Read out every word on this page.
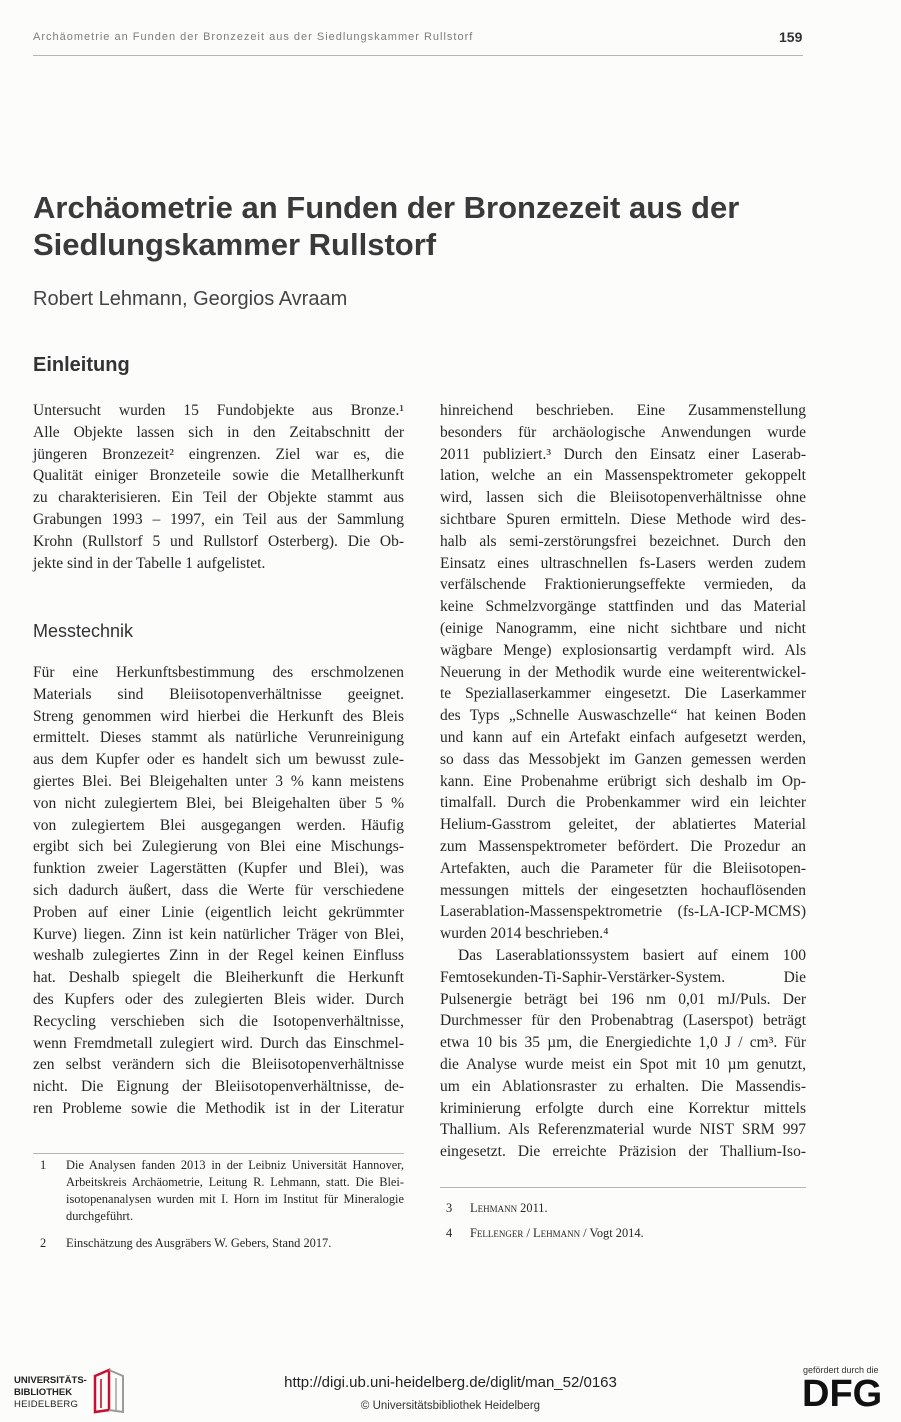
Archäometrie an Funden der Bronzezeit aus der Siedlungskammer Rullstorf	159
Archäometrie an Funden der Bronzezeit aus der
Siedlungskammer Rullstorf
Robert Lehmann, Georgios Avraam
Einleitung
Messtechnik
Untersucht wurden 15 Fundobjekte aus Bronze.¹
Alle Objekte lassen sich in den Zeitabschnitt der
jüngeren Bronzezeit² eingrenzen. Ziel war es, die
Qualität einiger Bronzeteile sowie die Metallherkunft
zu charakterisieren. Ein Teil der Objekte stammt aus
Grabungen 1993 – 1997, ein Teil aus der Sammlung
Krohn (Rullstorf 5 und Rullstorf Osterberg). Die Ob-
jekte sind in der Tabelle 1 aufgelistet.
Für eine Herkunftsbestimmung des erschmolzenen
Materials sind Bleiisotopenverhältnisse geeignet.
Streng genommen wird hierbei die Herkunft des Bleis
ermittelt. Dieses stammt als natürliche Verunreinigung
aus dem Kupfer oder es handelt sich um bewusst zule-
giertes Blei. Bei Bleigehalten unter 3 % kann meistens
von nicht zulegiertem Blei, bei Bleigehalten über 5 %
von zulegiertem Blei ausgegangen werden. Häufig
ergibt sich bei Zulegierung von Blei eine Mischungs-
funktion zweier Lagerstätten (Kupfer und Blei), was
sich dadurch äußert, dass die Werte für verschiedene
Proben auf einer Linie (eigentlich leicht gekrümmter
Kurve) liegen. Zinn ist kein natürlicher Träger von Blei,
weshalb zulegiertes Zinn in der Regel keinen Einfluss
hat. Deshalb spiegelt die Bleiherkunft die Herkunft
des Kupfers oder des zulegierten Bleis wider. Durch
Recycling verschieben sich die Isotopenverhältnisse,
wenn Fremdmetall zulegiert wird. Durch das Einschmel-
zen selbst verändern sich die Bleiisotopenverhältnisse
nicht. Die Eignung der Bleiisotopenverhältnisse, de-
ren Probleme sowie die Methodik ist in der Literatur
hinreichend beschrieben. Eine Zusammenstellung
besonders für archäologische Anwendungen wurde
2011 publiziert.³ Durch den Einsatz einer Laserab-
lation, welche an ein Massenspektrometer gekoppelt
wird, lassen sich die Bleiisotopenverhältnisse ohne
sichtbare Spuren ermitteln. Diese Methode wird des-
halb als semi-zerstörungsfrei bezeichnet. Durch den
Einsatz eines ultraschnellen fs-Lasers werden zudem
verfälschende Fraktionierungseffekte vermieden, da
keine Schmelzvorgänge stattfinden und das Material
(einige Nanogramm, eine nicht sichtbare und nicht
wägbare Menge) explosionsartig verdampft wird. Als
Neuerung in der Methodik wurde eine weiterentwickel-
te Speziallaserkammer eingesetzt. Die Laserkammer
des Typs „Schnelle Auswaschzelle“ hat keinen Boden
und kann auf ein Artefakt einfach aufgesetzt werden,
so dass das Messobjekt im Ganzen gemessen werden
kann. Eine Probenahme erübrigt sich deshalb im Op-
timalfall. Durch die Probenkammer wird ein leichter
Helium-Gasstrom geleitet, der ablatiertes Material
zum Massenspektrometer befördert. Die Prozedur an
Artefakten, auch die Parameter für die Bleiisotopen-
messungen mittels der eingesetzten hochauflösenden
Laserablation-Massenspektrometrie (fs-LA-ICP-MCMS)
wurden 2014 beschrieben.⁴
Das Laserablationssystem basiert auf einem 100
Femtosekunden-Ti-Saphir-Verstärker-System. Die
Pulsenergie beträgt bei 196 nm 0,01 mJ/Puls. Der
Durchmesser für den Probenabtrag (Laserspot) beträgt
etwa 10 bis 35 µm, die Energiedichte 1,0 J / cm³. Für
die Analyse wurde meist ein Spot mit 10 µm genutzt,
um ein Ablationsraster zu erhalten. Die Massendis-
kriminierung erfolgte durch eine Korrektur mittels
Thallium. Als Referenzmaterial wurde NIST SRM 997
eingesetzt. Die erreichte Präzision der Thallium-Iso-
1 Die Analysen fanden 2013 in der Leibniz Universität Hannover,
Arbeitskreis Archäometrie, Leitung R. Lehmann, statt. Die Blei-
isotopenanalysen wurden mit I. Horn im Institut für Mineralogie
durchgeführt.
2 Einschätzung des Ausgräbers W. Gebers, Stand 2017.
3 Lehmann 2011.
4 Fellenger / Lehmann / Vogt 2014.
UNIVERSITÄTS-
BIBLIOTHEK
HEIDELBERG
http://digi.ub.uni-heidelberg.de/diglit/man_52/0163
© Universitätsbibliothek Heidelberg
gefördert durch die
DFG
